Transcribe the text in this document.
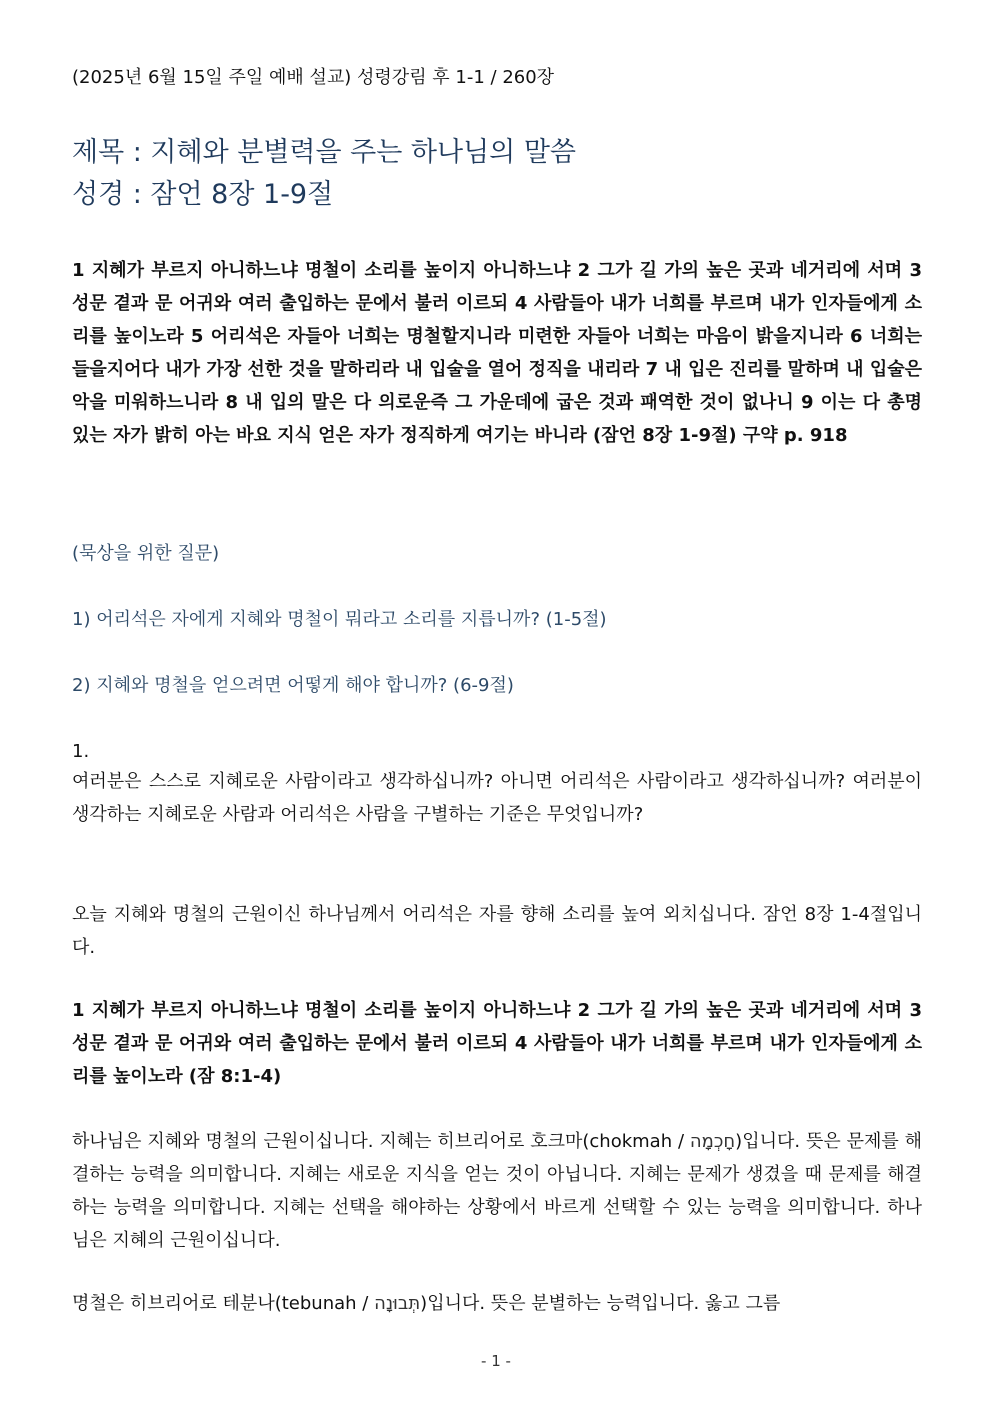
(2025년 6월 15일 주일 예배 설교) 성령강림 후 1-1 / 260장
제목 : 지혜와 분별력을 주는 하나님의 말씀
성경 : 잠언 8장 1-9절
1 지혜가 부르지 아니하느냐 명철이 소리를 높이지 아니하느냐 2 그가 길 가의 높은 곳과 네거리에 서며 3 성문 곁과 문 어귀와 여러 출입하는 문에서 불러 이르되 4 사람들아 내가 너희를 부르며 내가 인자들에게 소리를 높이노라 5 어리석은 자들아 너희는 명철할지니라 미련한 자들아 너희는 마음이 밝을지니라 6 너희는 들을지어다 내가 가장 선한 것을 말하리라 내 입술을 열어 정직을 내리라 7 내 입은 진리를 말하며 내 입술은 악을 미워하느니라 8 내 입의 말은 다 의로운즉 그 가운데에 굽은 것과 패역한 것이 없나니 9 이는 다 총명 있는 자가 밝히 아는 바요 지식 얻은 자가 정직하게 여기는 바니라 (잠언 8장 1-9절) 구약 p. 918
(묵상을 위한 질문)
1) 어리석은 자에게 지혜와 명철이 뭐라고 소리를 지릅니까? (1-5절)
2) 지혜와 명철을 얻으려면 어떻게 해야 합니까? (6-9절)
1.
여러분은 스스로 지혜로운 사람이라고 생각하십니까? 아니면 어리석은 사람이라고 생각하십니까? 여러분이 생각하는 지혜로운 사람과 어리석은 사람을 구별하는 기준은 무엇입니까?
오늘 지혜와 명철의 근원이신 하나님께서 어리석은 자를 향해 소리를 높여 외치십니다. 잠언 8장 1-4절입니다.
1 지혜가 부르지 아니하느냐 명철이 소리를 높이지 아니하느냐 2 그가 길 가의 높은 곳과 네거리에 서며 3 성문 곁과 문 어귀와 여러 출입하는 문에서 불러 이르되 4 사람들아 내가 너희를 부르며 내가 인자들에게 소리를 높이노라 (잠 8:1-4)
하나님은 지혜와 명철의 근원이십니다. 지혜는 히브리어로 호크마(chokmah / חָכְמָה)입니다. 뜻은 문제를 해결하는 능력을 의미합니다. 지혜는 새로운 지식을 얻는 것이 아닙니다. 지혜는 문제가 생겼을 때 문제를 해결하는 능력을 의미합니다. 지혜는 선택을 해야하는 상황에서 바르게 선택할 수 있는 능력을 의미합니다. 하나님은 지혜의 근원이십니다.
명철은 히브리어로 테분나(tebunah / תְּבוּנָה)입니다. 뜻은 분별하는 능력입니다. 옳고 그름
- 1 -
